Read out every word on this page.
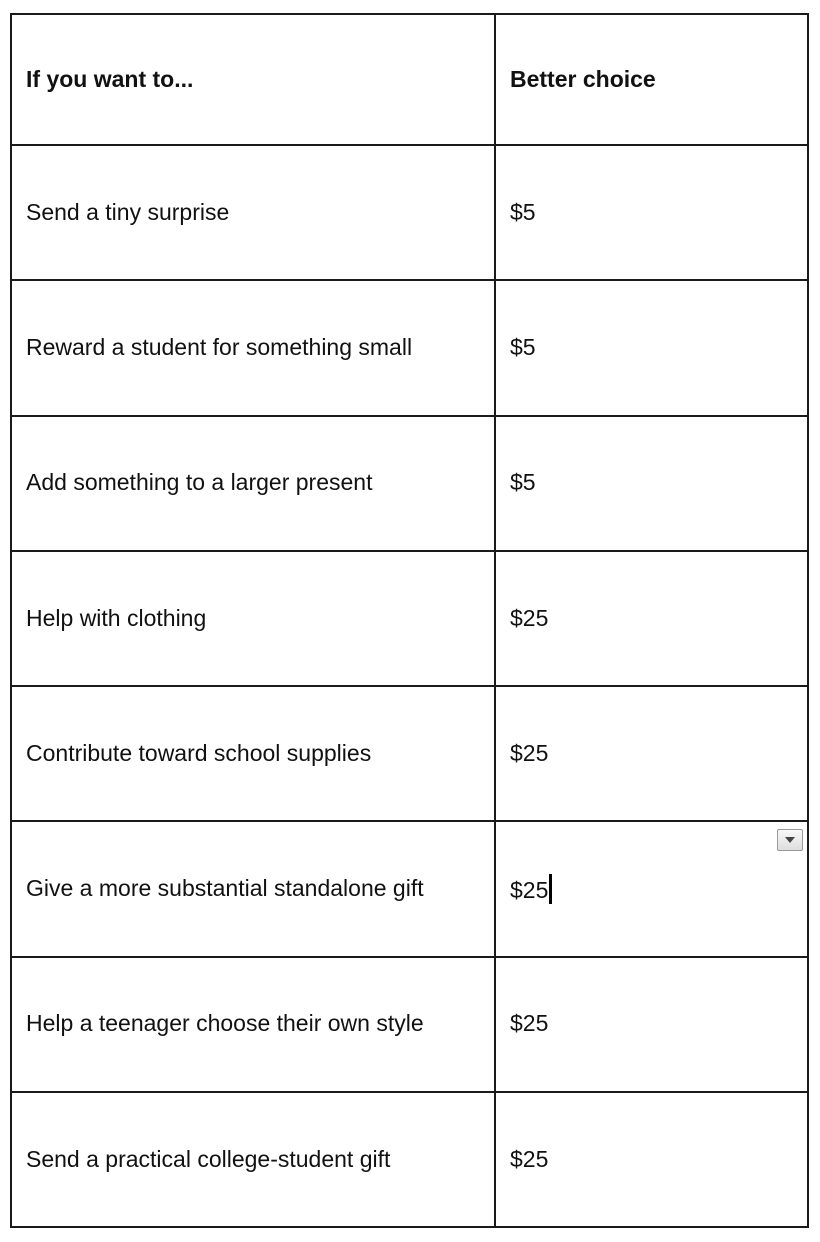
If you want to...	Better choice
Send a tiny surprise	$5
Reward a student for something small	$5
Add something to a larger present	$5
Help with clothing	$25
Contribute toward school supplies	$25
Give a more substantial standalone gift	$25

Help a teenager choose their own style	$25
Send a practical college-student gift	$25
